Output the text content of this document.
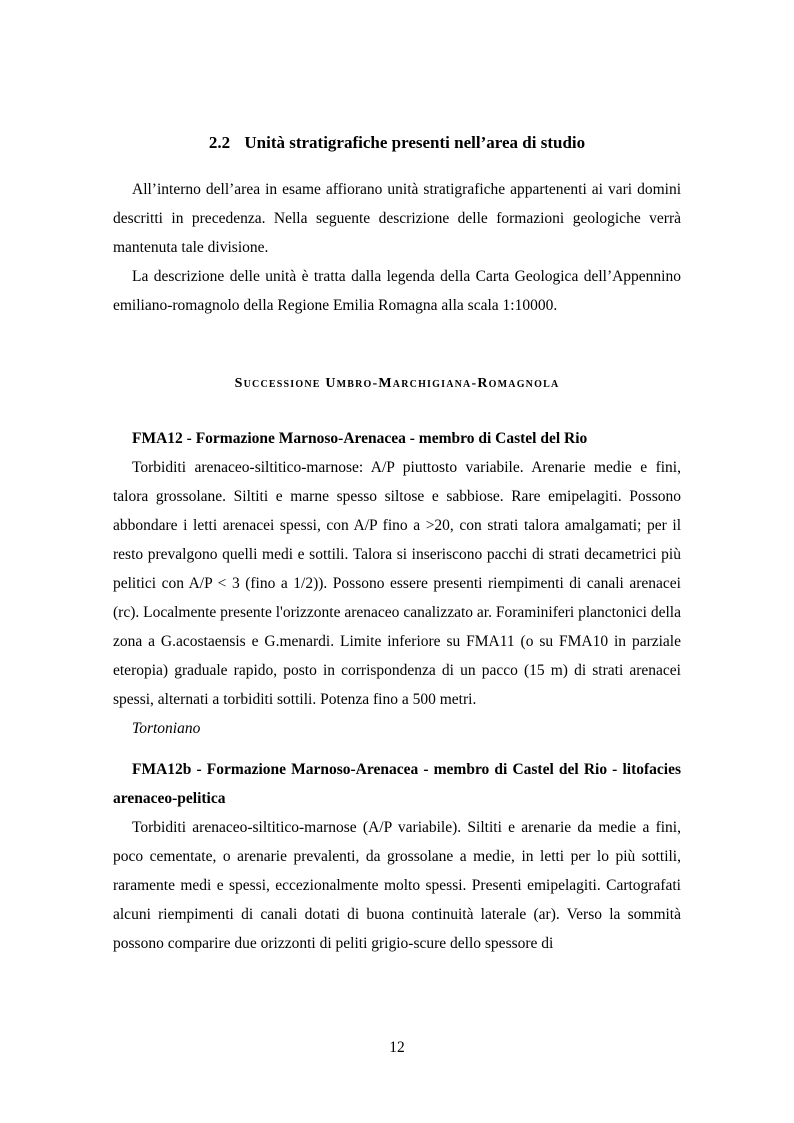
2.2 Unità stratigrafiche presenti nell’area di studio

All’interno dell’area in esame affiorano unità stratigrafiche appartenenti ai vari domini descritti in precedenza. Nella seguente descrizione delle formazioni geologiche verrà mantenuta tale divisione.

La descrizione delle unità è tratta dalla legenda della Carta Geologica dell’Appennino emiliano-romagnolo della Regione Emilia Romagna alla scala 1:10000.

Successione Umbro-Marchigiana-Romagnola

FMA12 - Formazione Marnoso-Arenacea - membro di Castel del Rio

Torbiditi arenaceo-siltitico-marnose: A/P piuttosto variabile. Arenarie medie e fini, talora grossolane. Siltiti e marne spesso siltose e sabbiose. Rare emipelagiti. Possono abbondare i letti arenacei spessi, con A/P fino a >20, con strati talora amalgamati; per il resto prevalgono quelli medi e sottili. Talora si inseriscono pacchi di strati decametrici più pelitici con A/P < 3 (fino a 1/2)). Possono essere presenti riempimenti di canali arenacei (rc). Localmente presente l'orizzonte arenaceo canalizzato ar. Foraminiferi planctonici della zona a G.acostaensis e G.menardi. Limite inferiore su FMA11 (o su FMA10 in parziale eteropia) graduale rapido, posto in corrispondenza di un pacco (15 m) di strati arenacei spessi, alternati a torbiditi sottili. Potenza fino a 500 metri.

Tortoniano

FMA12b - Formazione Marnoso-Arenacea - membro di Castel del Rio - litofacies arenaceo-pelitica

Torbiditi arenaceo-siltitico-marnose (A/P variabile). Siltiti e arenarie da medie a fini, poco cementate, o arenarie prevalenti, da grossolane a medie, in letti per lo più sottili, raramente medi e spessi, eccezionalmente molto spessi. Presenti emipelagiti. Cartografati alcuni riempimenti di canali dotati di buona continuità laterale (ar). Verso la sommità possono comparire due orizzonti di peliti grigio-scure dello spessore di

12
